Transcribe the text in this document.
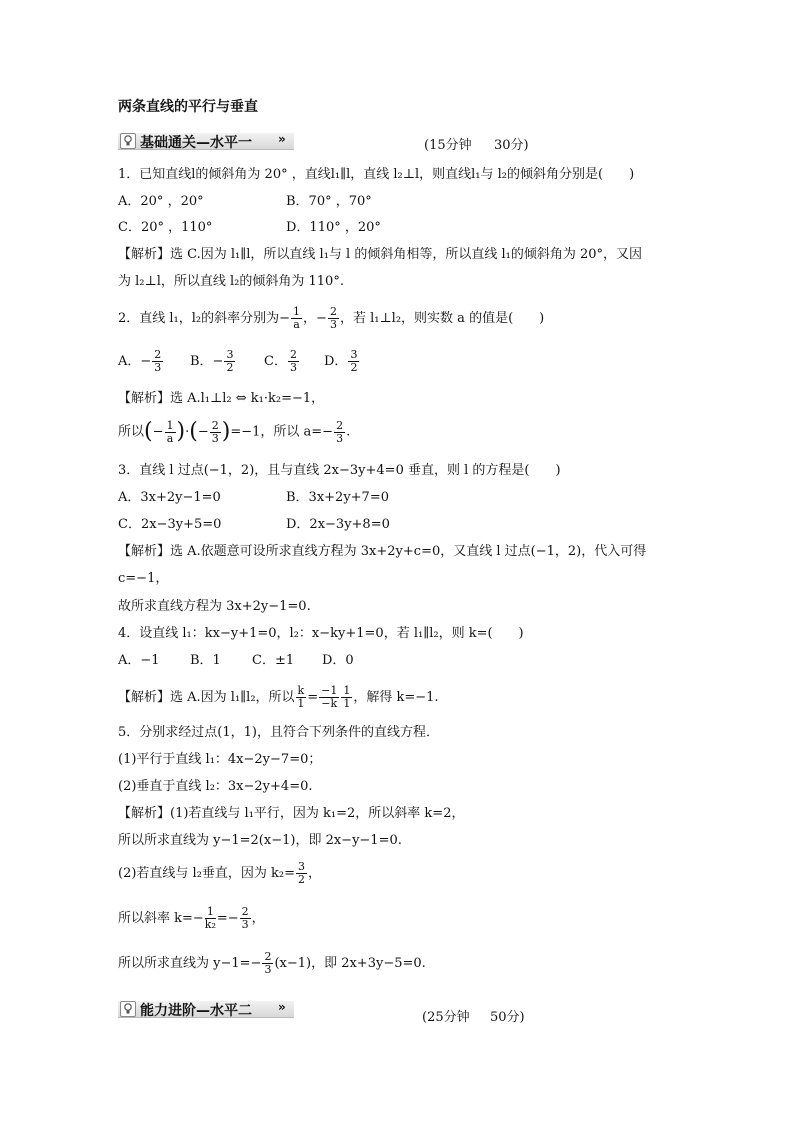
两条直线的平行与垂直
基础通关—水平一 »	(15分钟 30分)
1．已知直线l的倾斜角为 20° ，直线l₁∥l，直线 l₂⊥l，则直线l₁与 l₂的倾斜角分别是(　　)
A．20° ，20°	B．70° ，70°
C．20° ，110°	D．110° ，20°
【解析】选 C.因为 l₁∥l，所以直线 l₁与 l 的倾斜角相等，所以直线 l₁的倾斜角为 20°，又因
为 l₂⊥l，所以直线 l₂的倾斜角为 110°.
2．直线 l₁，l₂的斜率分别为− $\frac{1}{a}$ ，− $\frac{2}{3}$ ，若 l₁⊥l₂，则实数 a 的值是(　　)
A．− $\frac{2}{3}$ B．− $\frac{3}{2}$ C． $\frac{2}{3}$ D． $\frac{3}{2}$
【解析】选 A.l₁⊥l₂ ⇔ k₁·k₂=−1，
所以(− $\frac{1}{a}$ )·(− $\frac{2}{3} )=-1$，所以 $a=- \frac{2}{3}$ .
3．直线 l 过点(−1，2)，且与直线 2x−3y+4=0 垂直，则 l 的方程是(　　)
A．3x+2y−1=0	B．3x+2y+7=0
C．2x−3y+5=0	D．2x−3y+8=0
【解析】选 A.依题意可设所求直线方程为 3x+2y+c=0，又直线 l 过点(−1，2)，代入可得
c=−1，
故所求直线方程为 3x+2y−1=0.
4．设直线 l₁：kx−y+1=0，l₂：x−ky+1=0，若 l₁∥l₂，则 k=(　　)
A．−1 B．1 C．±1 D．0
【解析】选 A.因为 l₁∥l₂，所以 $\frac{k}{1} = \frac{-1}{-k} \frac{1}{1}$ ，解得 k=−1.
5．分别求经过点(1，1)，且符合下列条件的直线方程．
(1)平行于直线 l₁：4x−2y−7=0；
(2)垂直于直线 l₂：3x−2y+4=0.
【解析】(1)若直线与 l₁平行，因为 k₁=2，所以斜率 k=2，
所以所求直线为 y−1=2(x−1)，即 2x−y−1=0.
(2)若直线与 l₂垂直，因为 $k_2= \frac{3}{2}$ ，
所以斜率 $k=- \frac{1}{\text{k₂}} =- \frac{2}{3}$ ，
所以所求直线为 $y-1=- \frac{2}{3} (x-1)$，即 2x+3y−5=0.
能力进阶—水平二 »
(25分钟 50分)
